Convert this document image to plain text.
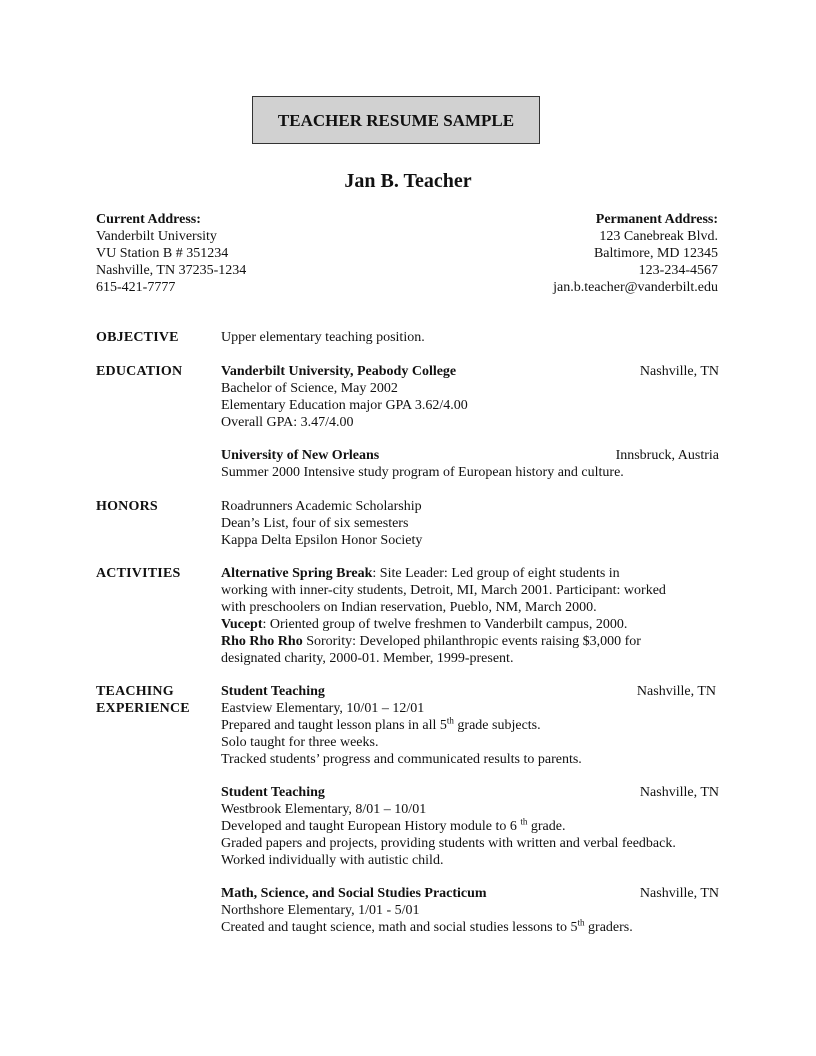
TEACHER RESUME SAMPLE
Jan B. Teacher
Current Address:
Vanderbilt University
VU Station B # 351234
Nashville, TN 37235-1234
615-421-7777
Permanent Address:
123 Canebreak Blvd.
Baltimore, MD 12345
123-234-4567
jan.b.teacher@vanderbilt.edu
OBJECTIVE	Upper elementary teaching position.
EDUCATION	Vanderbilt University, Peabody College	Nashville, TN
Bachelor of Science, May 2002
Elementary Education major GPA 3.62/4.00
Overall GPA: 3.47/4.00
University of New Orleans	Innsbruck, Austria
Summer 2000 Intensive study program of European history and culture.
HONORS	Roadrunners Academic Scholarship
Dean’s List, four of six semesters
Kappa Delta Epsilon Honor Society
ACTIVITIES	Alternative Spring Break: Site Leader: Led group of eight students in
working with inner-city students, Detroit, MI, March 2001. Participant: worked
with preschoolers on Indian reservation, Pueblo, NM, March 2000.
Vucept: Oriented group of twelve freshmen to Vanderbilt campus, 2000.
Rho Rho Rho Sorority: Developed philanthropic events raising $3,000 for
designated charity, 2000-01. Member, 1999-present.
TEACHING
EXPERIENCE
Student Teaching	Nashville, TN
Eastview Elementary, 10/01 – 12/01
Prepared and taught lesson plans in all 5th grade subjects.
Solo taught for three weeks.
Tracked students’ progress and communicated results to parents.
Student Teaching	Nashville, TN
Westbrook Elementary, 8/01 – 10/01
Developed and taught European History module to 6 $^{th}$ grade.
Graded papers and projects, providing students with written and verbal feedback.
Worked individually with autistic child.
Math, Science, and Social Studies Practicum	Nashville, TN
Northshore Elementary, 1/01 - 5/01
Created and taught science, math and social studies lessons to 5th graders.
